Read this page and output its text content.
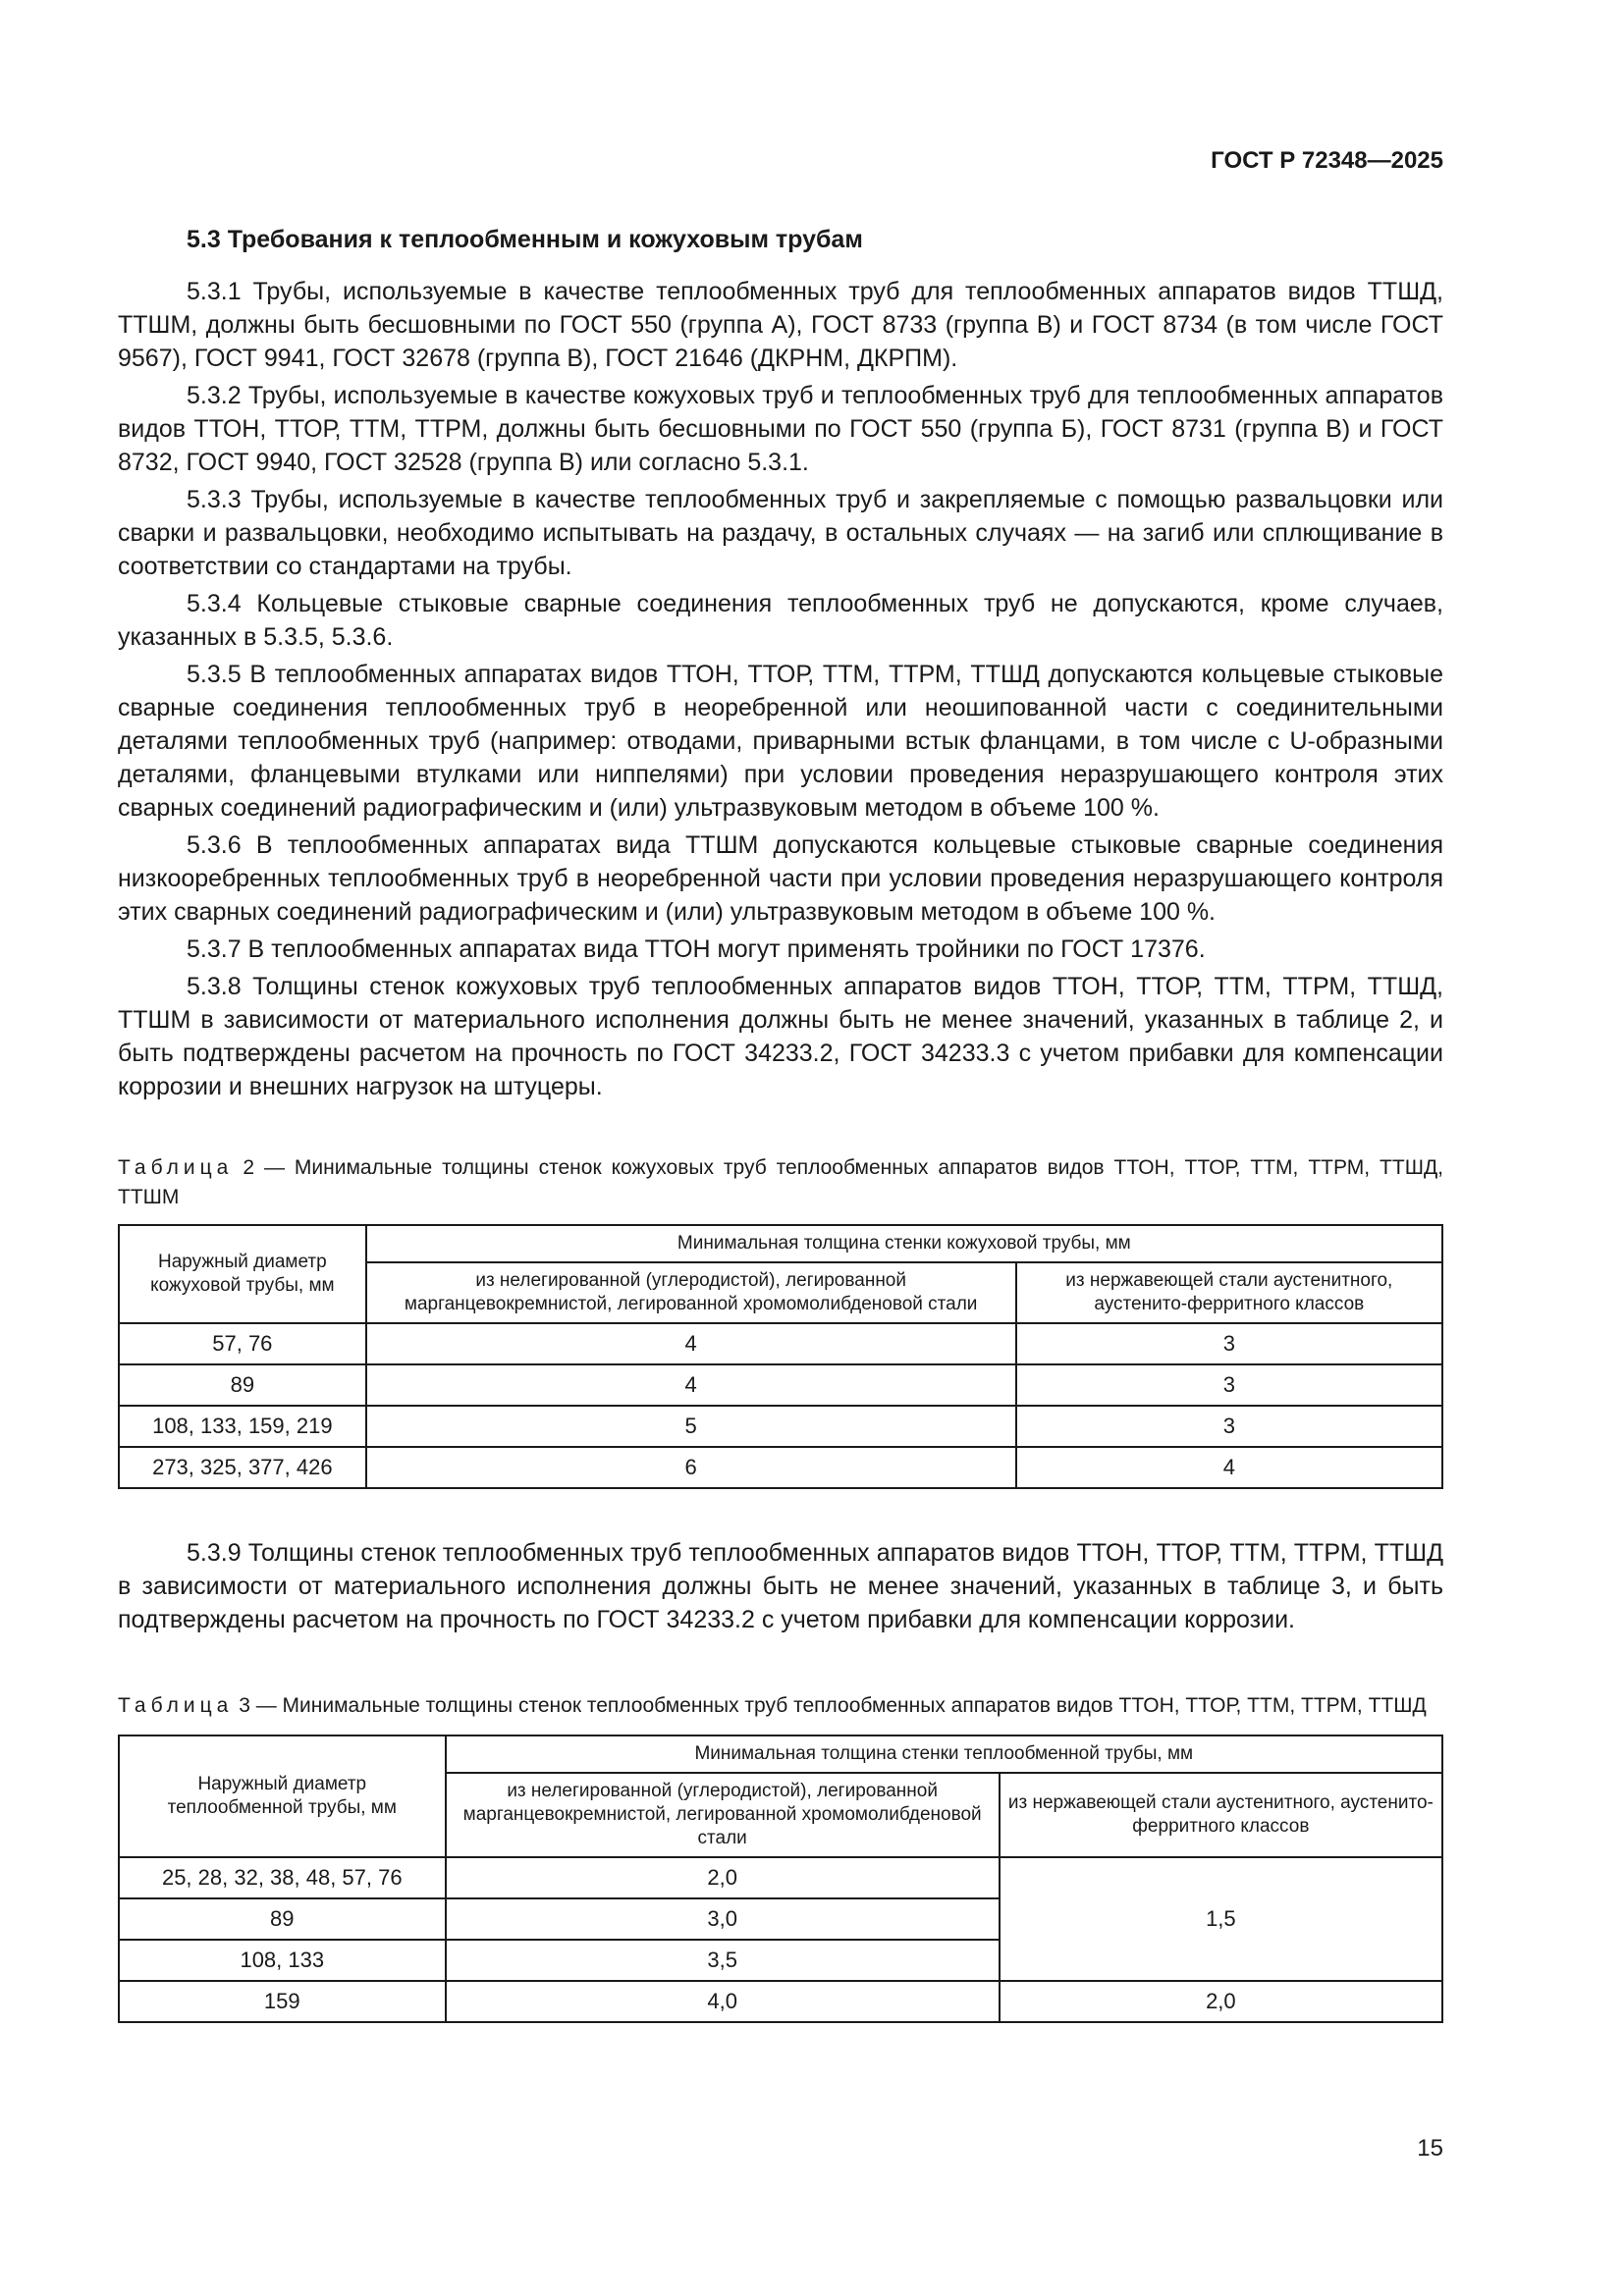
ГОСТ Р 72348—2025
5.3 Требования к теплообменным и кожуховым трубам

5.3.1 Трубы, используемые в качестве теплообменных труб для теплообменных аппаратов видов ТТШД, ТТШМ, должны быть бесшовными по ГОСТ 550 (группа А), ГОСТ 8733 (группа В) и ГОСТ 8734 (в том числе ГОСТ 9567), ГОСТ 9941, ГОСТ 32678 (группа В), ГОСТ 21646 (ДКРНМ, ДКРПМ).

5.3.2 Трубы, используемые в качестве кожуховых труб и теплообменных труб для теплообменных аппаратов видов ТТОН, ТТОР, ТТМ, ТТРМ, должны быть бесшовными по ГОСТ 550 (группа Б), ГОСТ 8731 (группа В) и ГОСТ 8732, ГОСТ 9940, ГОСТ 32528 (группа В) или согласно 5.3.1.

5.3.3 Трубы, используемые в качестве теплообменных труб и закрепляемые с помощью развальцовки или сварки и развальцовки, необходимо испытывать на раздачу, в остальных случаях — на загиб или сплющивание в соответствии со стандартами на трубы.

5.3.4 Кольцевые стыковые сварные соединения теплообменных труб не допускаются, кроме случаев, указанных в 5.3.5, 5.3.6.

5.3.5 В теплообменных аппаратах видов ТТОН, ТТОР, ТТМ, ТТРМ, ТТШД допускаются кольцевые стыковые сварные соединения теплообменных труб в неоребренной или неошипованной части с соединительными деталями теплообменных труб (например: отводами, приварными встык фланцами, в том числе с U-образными деталями, фланцевыми втулками или ниппелями) при условии проведения неразрушающего контроля этих сварных соединений радиографическим и (или) ультразвуковым методом в объеме 100 %.

5.3.6 В теплообменных аппаратах вида ТТШМ допускаются кольцевые стыковые сварные соединения низкооребренных теплообменных труб в неоребренной части при условии проведения неразрушающего контроля этих сварных соединений радиографическим и (или) ультразвуковым методом в объеме 100 %.

5.3.7 В теплообменных аппаратах вида ТТОН могут применять тройники по ГОСТ 17376.

5.3.8 Толщины стенок кожуховых труб теплообменных аппаратов видов ТТОН, ТТОР, ТТМ, ТТРМ, ТТШД, ТТШМ в зависимости от материального исполнения должны быть не менее значений, указанных в таблице 2, и быть подтверждены расчетом на прочность по ГОСТ 34233.2, ГОСТ 34233.3 с учетом прибавки для компенсации коррозии и внешних нагрузок на штуцеры.

Таблица 2 — Минимальные толщины стенок кожуховых труб теплообменных аппаратов видов ТТОН, ТТОР, ТТМ, ТТРМ, ТТШД, ТТШМ
Наружный диаметр кожуховой трубы, мм	Минимальная толщина стенки кожуховой трубы, мм	
	из нелегированной (углеродистой), легированной марганцевокремнистой, легированной хромомолибденовой стали	из нержавеющей стали аустенитного, аустенито-ферритного классов
57, 76	4	3
89	4	3
108, 133, 159, 219	5	3
273, 325, 377, 426	6	4

5.3.9 Толщины стенок теплообменных труб теплообменных аппаратов видов ТТОН, ТТОР, ТТМ, ТТРМ, ТТШД в зависимости от материального исполнения должны быть не менее значений, указанных в таблице 3, и быть подтверждены расчетом на прочность по ГОСТ 34233.2 с учетом прибавки для компенсации коррозии.

Таблица 3 — Минимальные толщины стенок теплообменных труб теплообменных аппаратов видов ТТОН, ТТОР, ТТМ, ТТРМ, ТТШД
Наружный диаметр теплообменной трубы, мм	Минимальная толщина стенки теплообменной трубы, мм	
	из нелегированной (углеродистой), легированной марганцевокремнистой, легированной хромомолибденовой стали	из нержавеющей стали аустенитного, аустенито-ферритного классов
25, 28, 32, 38, 48, 57, 76	2,0	1,5
89	3,0	
108, 133	3,5	
159	4,0	2,0
15
